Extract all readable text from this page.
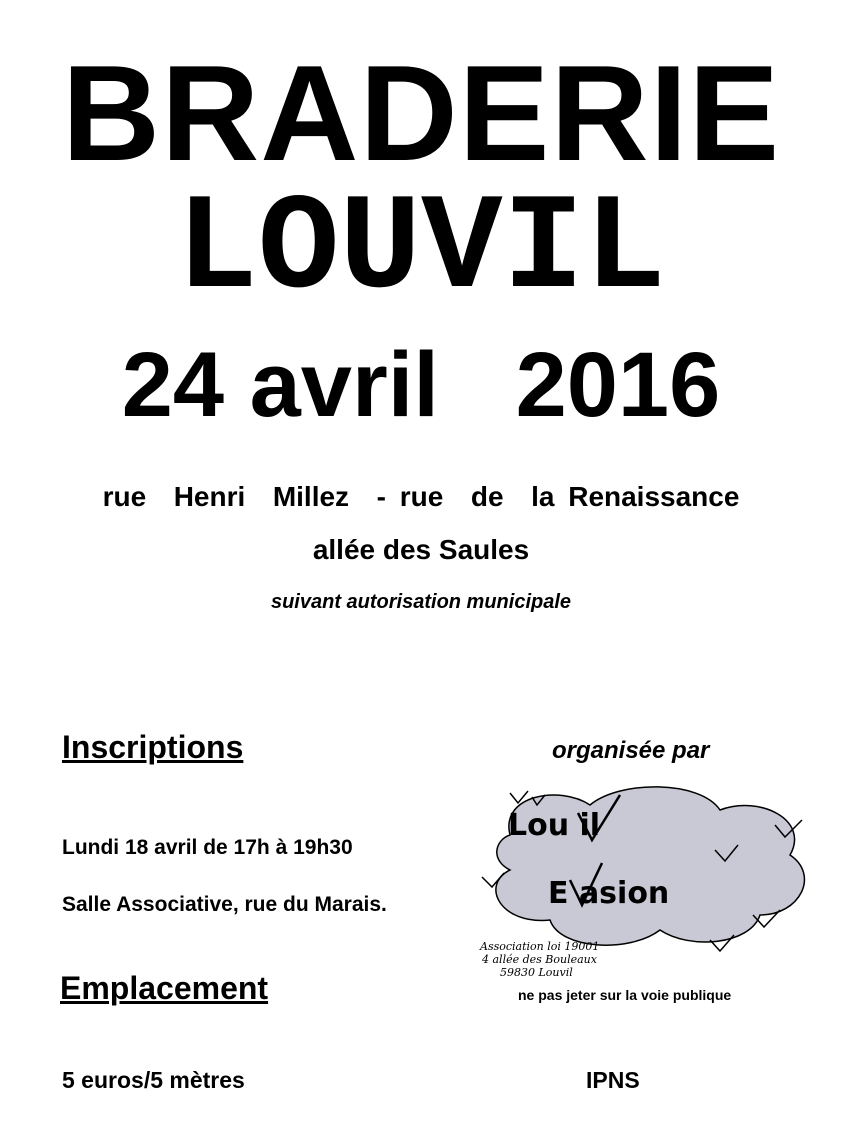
BRADERIE
LOUVIL
24 avril   2016
rue  Henri  Millez  - rue  de  la Renaissance
allée des Saules
suivant autorisation municipale
Inscriptions
Lundi 18 avril de 17h à 19h30
Salle Associative, rue du Marais.
Emplacement
5 euros/5 mètres
organisée par
Lou il
E asion
Association loi 19001
4 allée des Bouleaux
59830 Louvil
ne pas jeter sur la voie publique
IPNS
